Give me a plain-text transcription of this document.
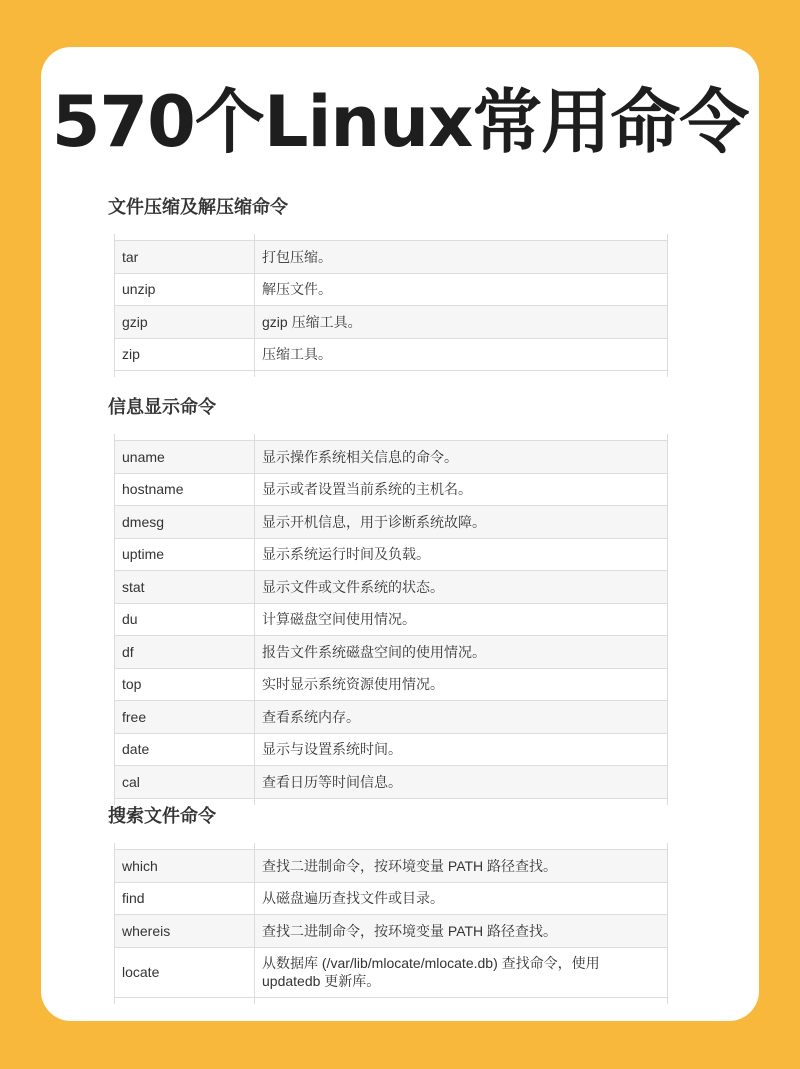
570个Linux常用命令
文件压缩及解压缩命令

tar	打包压缩。
unzip	解压文件。
gzip	gzip 压缩工具。
zip	压缩工具。

信息显示命令

uname	显示操作系统相关信息的命令。
hostname	显示或者设置当前系统的主机名。
dmesg	显示开机信息，用于诊断系统故障。
uptime	显示系统运行时间及负载。
stat	显示文件或文件系统的状态。
du	计算磁盘空间使用情况。
df	报告文件系统磁盘空间的使用情况。
top	实时显示系统资源使用情况。
free	查看系统内存。
date	显示与设置系统时间。
cal	查看日历等时间信息。

搜索文件命令

which	查找二进制命令，按环境变量 PATH 路径查找。
find	从磁盘遍历查找文件或目录。
whereis	查找二进制命令，按环境变量 PATH 路径查找。
locate	从数据库 (/var/lib/mlocate/mlocate.db) 查找命令，使用 updatedb 更新库。
